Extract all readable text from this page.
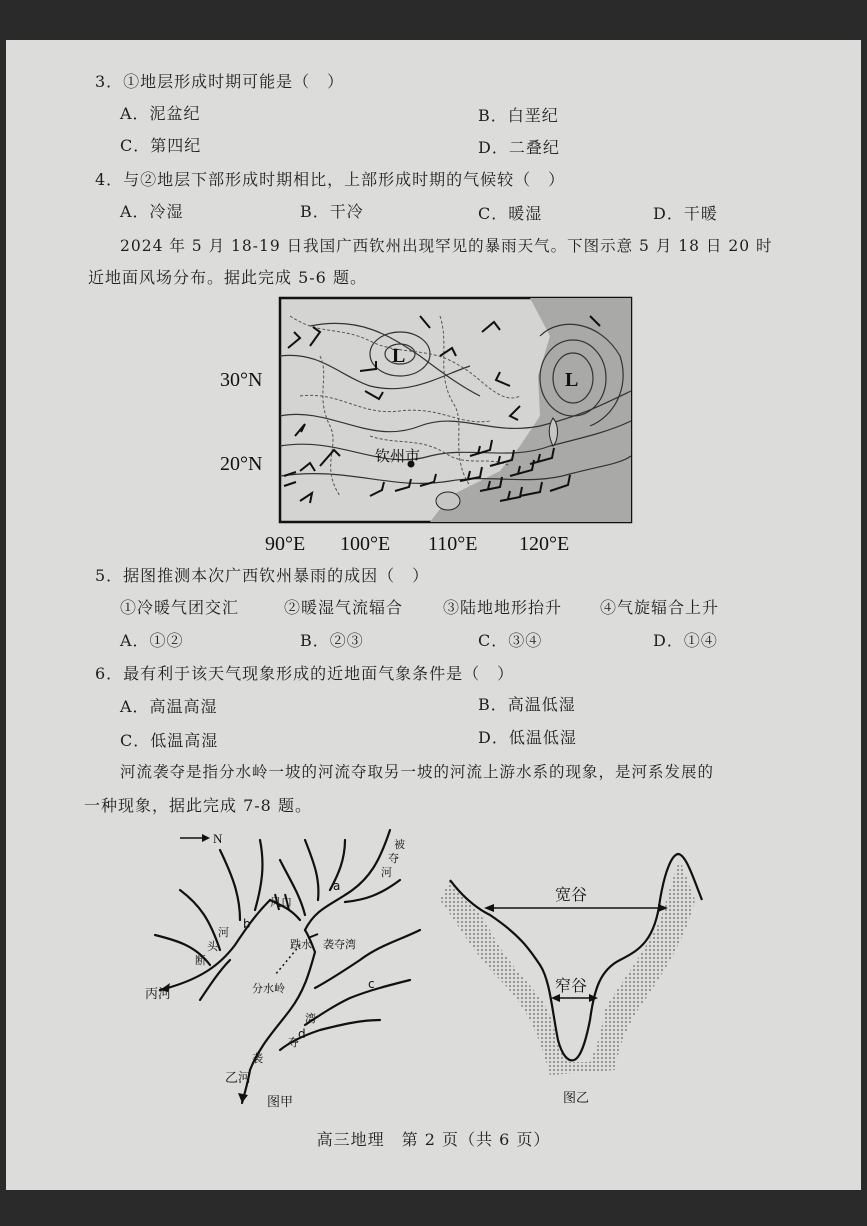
3．①地层形成时期可能是（　）
A．泥盆纪	B．白垩纪
C．第四纪	D．二叠纪
4．与②地层下部形成时期相比，上部形成时期的气候较（　）
A．冷湿	B．干冷	C．暖湿	D．干暖
2024 年 5 月 18-19 日我国广西钦州出现罕见的暴雨天气。下图示意 5 月 18 日 20 时
近地面风场分布。据此完成 5-6 题。
30°N
20°N
L
L
钦州市
90°E 100°E 110°E 120°E
5．据图推测本次广西钦州暴雨的成因（　）
①冷暖气团交汇	②暖湿气流辐合 ③陆地地形抬升 ④气旋辐合上升
A．①②	B．②③	C．③④	D．①④
6．最有利于该天气现象形成的近地面气象条件是（　）
A．高温高湿	B．高温低湿
C．低温高湿	D．低温低湿
河流袭夺是指分水岭一坡的河流夺取另一坡的河流上游水系的现象，是河系发展的
一种现象，据此完成 7-8 题。
N
丙河
乙河
风口
跌水 袭夺湾
分水岭
a
b
c
d
被
夺
河
河
头
断
湾
夺
袭
图甲
宽谷
窄谷
图乙
高三地理　第 2 页（共 6 页）
